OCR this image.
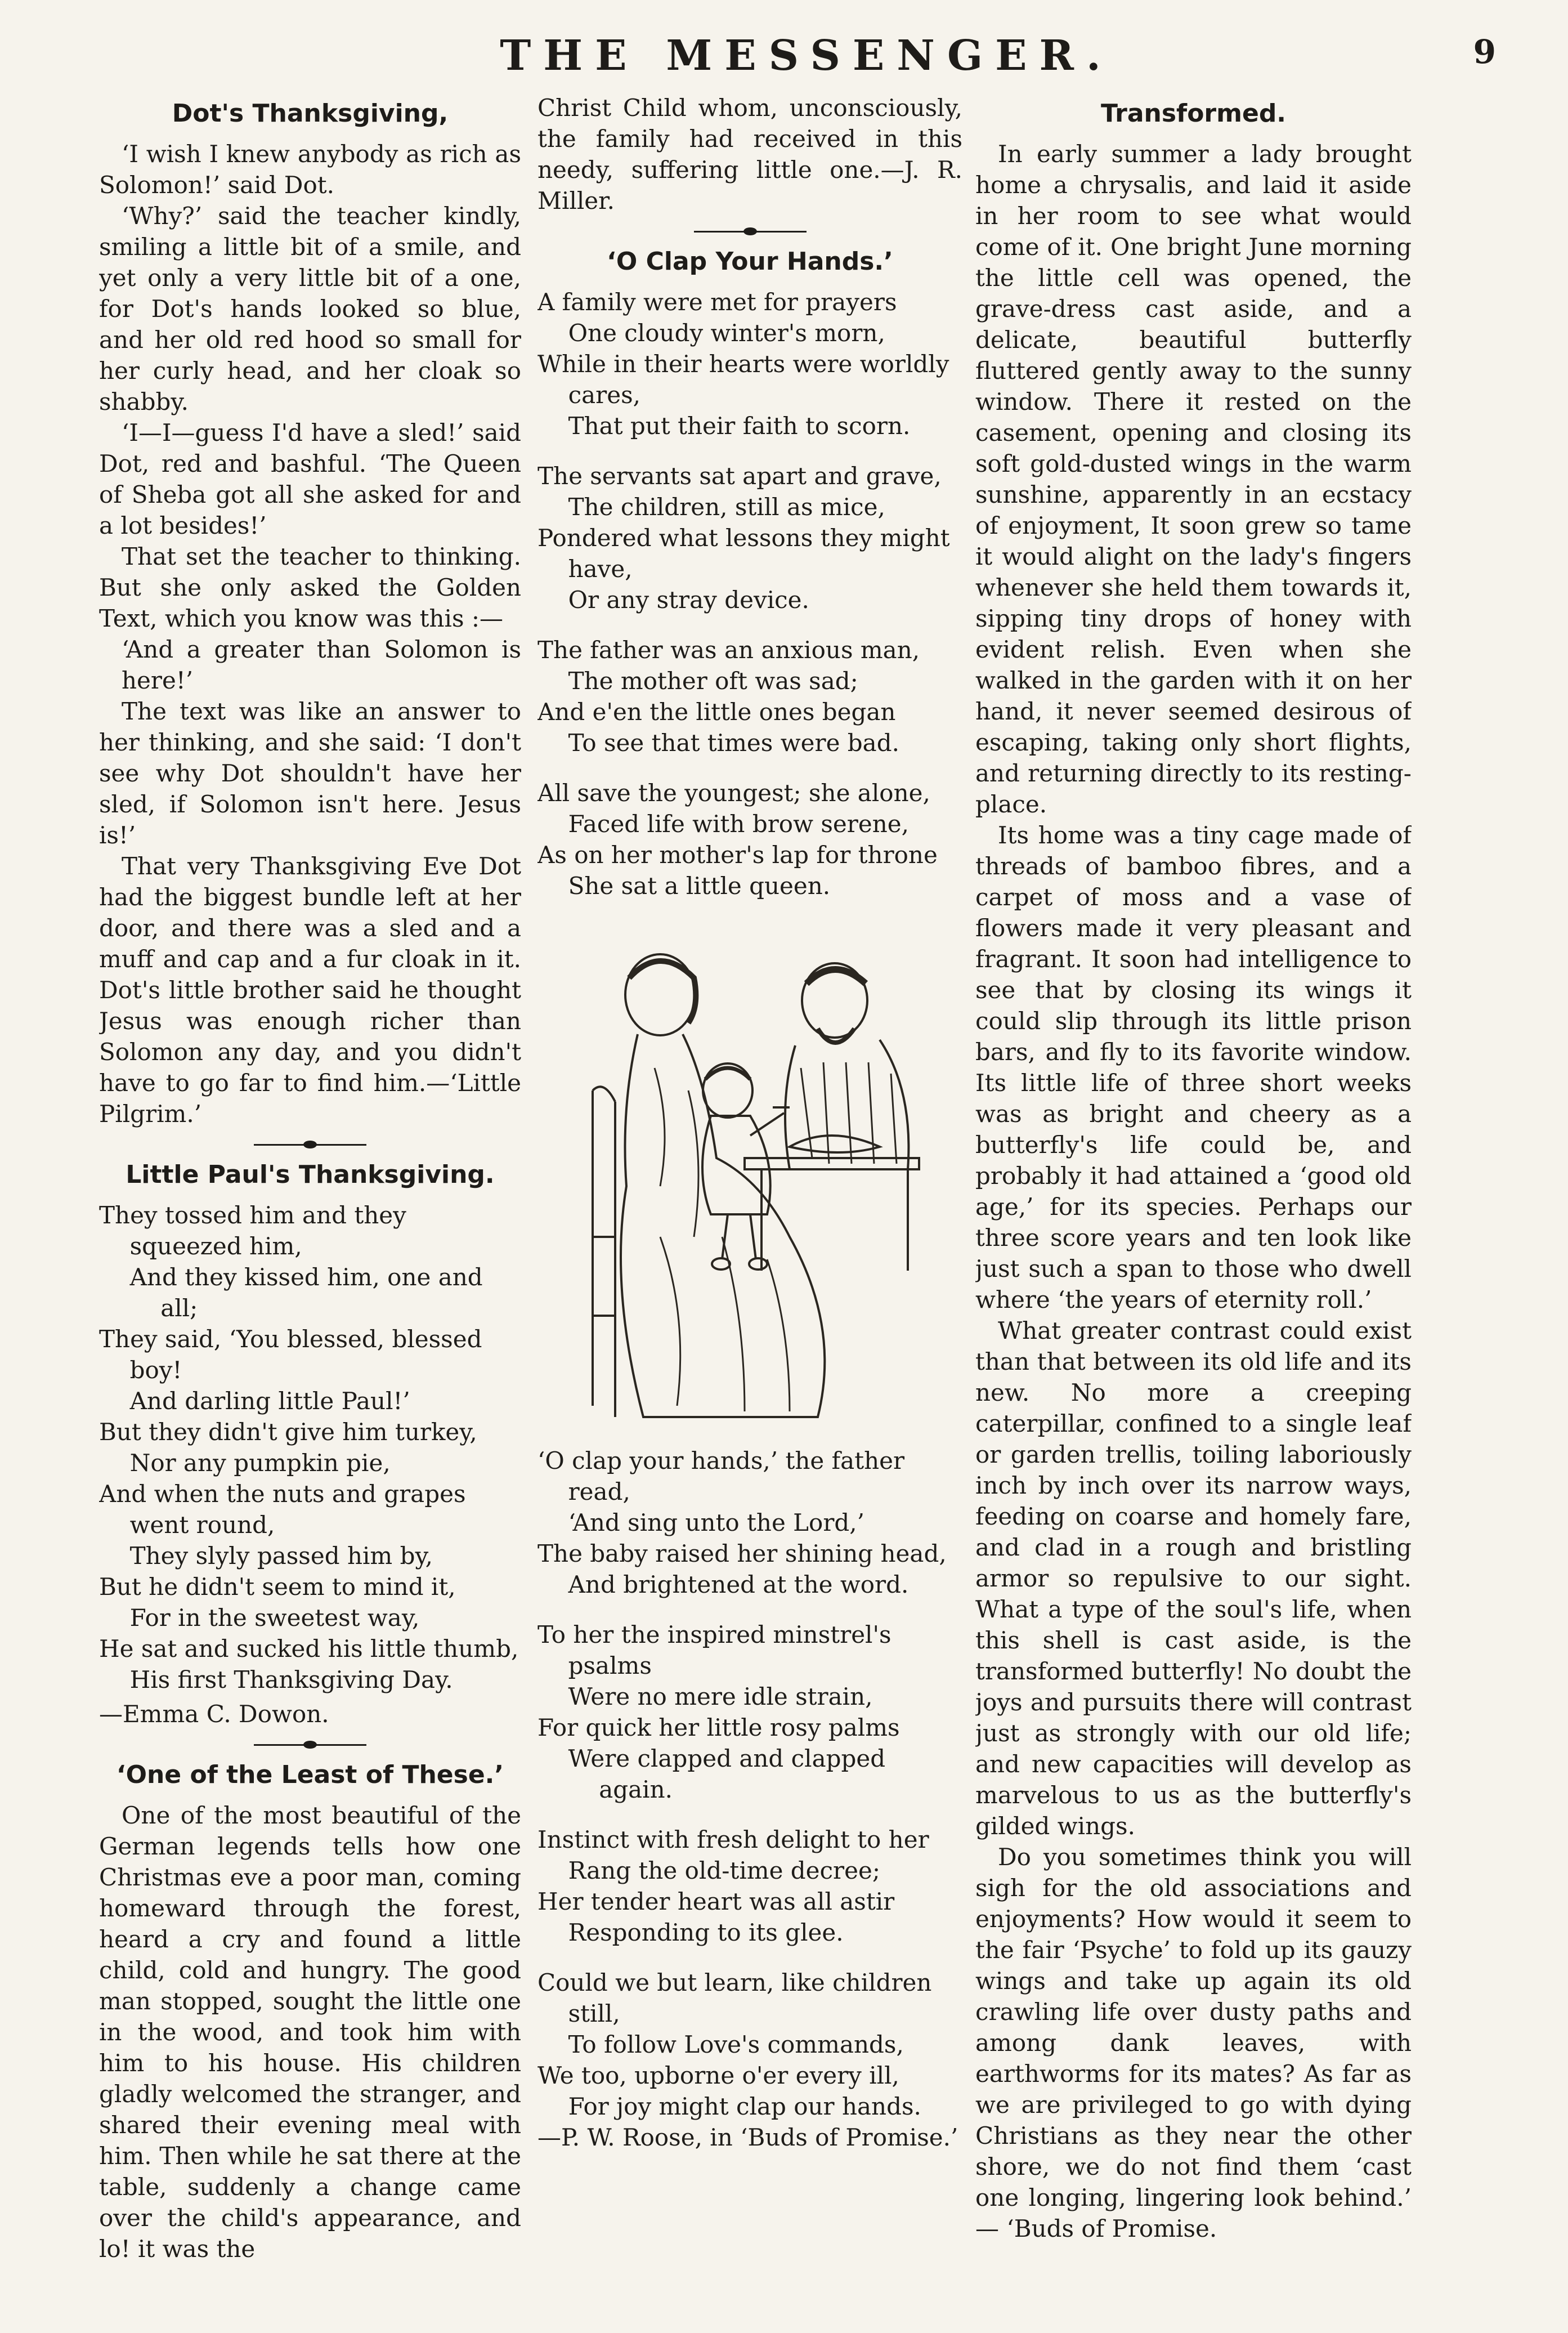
THE MESSENGER.	9
Dot's Thanksgiving,

‘I wish I knew anybody as rich as Solomon!’ said Dot.

‘Why?’ said the teacher kindly, smiling a little bit of a smile, and yet only a very little bit of a one, for Dot's hands looked so blue, and her old red hood so small for her curly head, and her cloak so shabby.

‘I—I—guess I'd have a sled!’ said Dot, red and bashful. ‘The Queen of Sheba got all she asked for and a lot besides!’

That set the teacher to thinking. But she only asked the Golden Text, which you know was this :—

‘And a greater than Solomon is here!’

The text was like an answer to her thinking, and she said: ‘I don't see why Dot shouldn't have her sled, if Solomon isn't here. Jesus is!’

That very Thanksgiving Eve Dot had the biggest bundle left at her door, and there was a sled and a muff and cap and a fur cloak in it. Dot's little brother said he thought Jesus was enough richer than Solomon any day, and you didn't have to go far to find him.—‘Little Pilgrim.’

Little Paul's Thanksgiving.
They tossed him and they squeezed him,
And they kissed him, one and all;
They said, ‘You blessed, blessed boy!
And darling little Paul!’
But they didn't give him turkey,
Nor any pumpkin pie,
And when the nuts and grapes went round,
They slyly passed him by,
But he didn't seem to mind it,
For in the sweetest way,
He sat and sucked his little thumb,
His first Thanksgiving Day.
—Emma C. Dowon.
‘One of the Least of These.’

One of the most beautiful of the German legends tells how one Christmas eve a poor man, coming homeward through the forest, heard a cry and found a little child, cold and hungry. The good man stopped, sought the little one in the wood, and took him with him to his house. His children gladly welcomed the stranger, and shared their evening meal with him. Then while he sat there at the table, suddenly a change came over the child's appearance, and lo! it was the

Christ Child whom, unconsciously, the family had received in this needy, suffering little one.—J. R. Miller.

‘O Clap Your Hands.’
A family were met for prayers
One cloudy winter's morn,
While in their hearts were worldly cares,
That put their faith to scorn.
The servants sat apart and grave,
The children, still as mice,
Pondered what lessons they might have,
Or any stray device.
The father was an anxious man,
The mother oft was sad;
And e'en the little ones began
To see that times were bad.
All save the youngest; she alone,
Faced life with brow serene,
As on her mother's lap for throne
She sat a little queen.
‘O clap your hands,’ the father read,
‘And sing unto the Lord,’
The baby raised her shining head,
And brightened at the word.
To her the inspired minstrel's psalms
Were no mere idle strain,
For quick her little rosy palms
Were clapped and clapped again.
Instinct with fresh delight to her
Rang the old-time decree;
Her tender heart was all astir
Responding to its glee.
Could we but learn, like children still,
To follow Love's commands,
We too, upborne o'er every ill,
For joy might clap our hands.
—P. W. Roose, in ‘Buds of Promise.’
Transformed.

In early summer a lady brought home a chrysalis, and laid it aside in her room to see what would come of it. One bright June morning the little cell was opened, the grave-dress cast aside, and a delicate, beautiful butterfly fluttered gently away to the sunny window. There it rested on the casement, opening and closing its soft gold-dusted wings in the warm sunshine, apparently in an ecstacy of enjoyment, It soon grew so tame it would alight on the lady's fingers whenever she held them towards it, sipping tiny drops of honey with evident relish. Even when she walked in the garden with it on her hand, it never seemed desirous of escaping, taking only short flights, and returning directly to its resting-place.

Its home was a tiny cage made of threads of bamboo fibres, and a carpet of moss and a vase of flowers made it very pleasant and fragrant. It soon had intelligence to see that by closing its wings it could slip through its little prison bars, and fly to its favorite window. Its little life of three short weeks was as bright and cheery as a butterfly's life could be, and probably it had attained a ‘good old age,’ for its species. Perhaps our three score years and ten look like just such a span to those who dwell where ‘the years of eternity roll.’

What greater contrast could exist than that between its old life and its new. No more a creeping caterpillar, confined to a single leaf or garden trellis, toiling laboriously inch by inch over its narrow ways, feeding on coarse and homely fare, and clad in a rough and bristling armor so repulsive to our sight. What a type of the soul's life, when this shell is cast aside, is the transformed butterfly! No doubt the joys and pursuits there will contrast just as strongly with our old life; and new capacities will develop as marvelous to us as the butterfly's gilded wings.

Do you sometimes think you will sigh for the old associations and enjoyments? How would it seem to the fair ‘Psyche’ to fold up its gauzy wings and take up again its old crawling life over dusty paths and among dank leaves, with earthworms for its mates? As far as we are privileged to go with dying Christians as they near the other shore, we do not find them ‘cast one longing, lingering look behind.’ — ‘Buds of Promise.
